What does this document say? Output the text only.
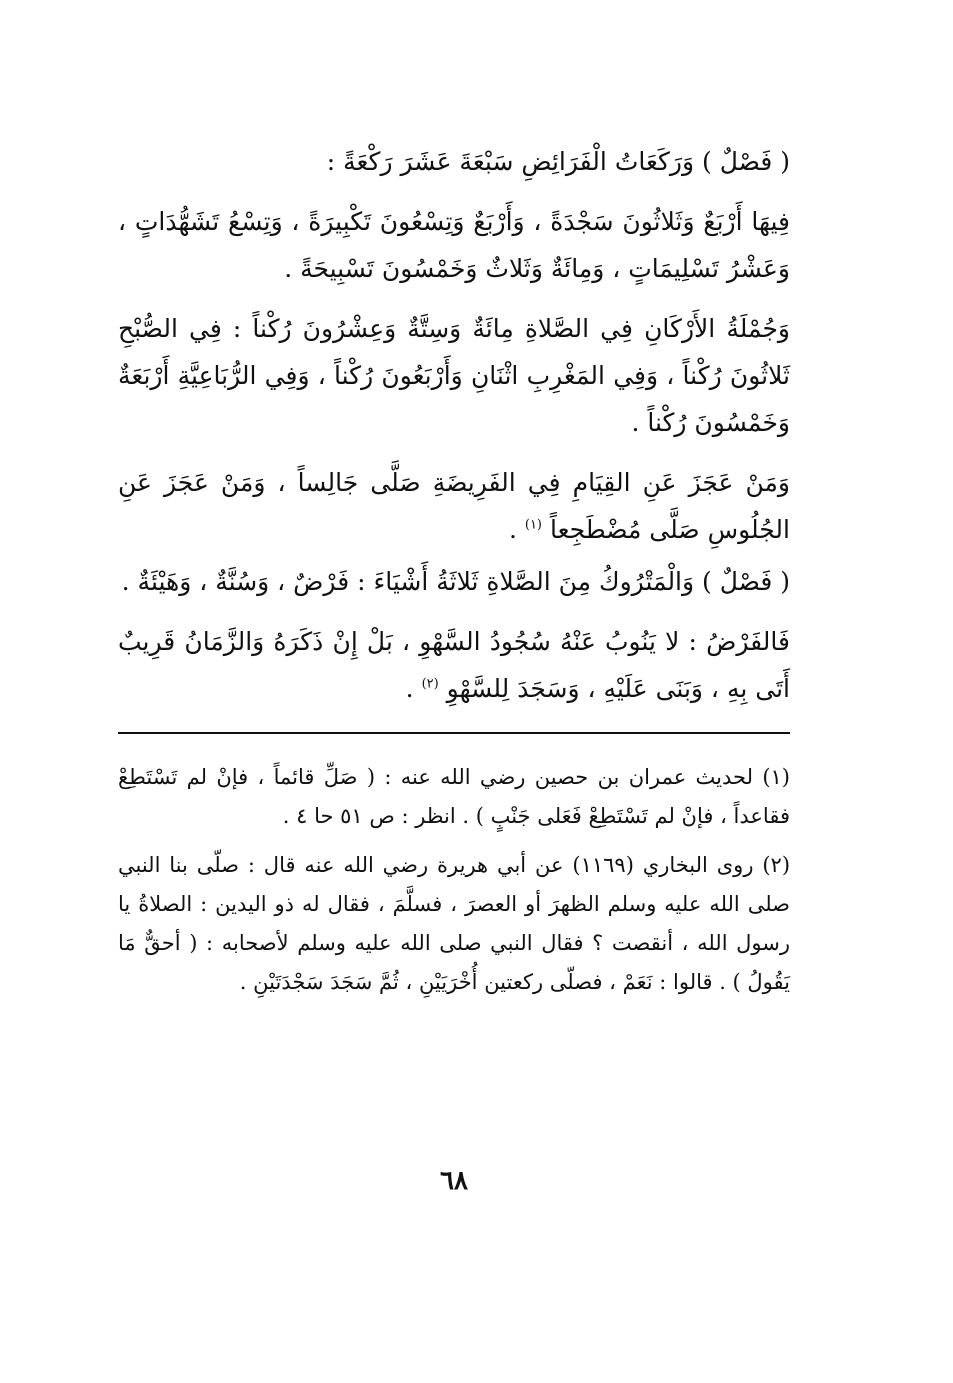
( فَصْلٌ ) وَرَكَعَاتُ الْفَرَائِضِ سَبْعَةَ عَشَرَ رَكْعَةً :

فِيهَا أَرْبَعٌ وَثَلاثُونَ سَجْدَةً ، وَأَرْبَعٌ وَتِسْعُونَ تَكْبِيرَةً ، وَتِسْعُ تَشَهُّدَاتٍ ، وَعَشْرُ تَسْلِيمَاتٍ ، وَمِائَةٌ وَثَلاثٌ وَخَمْسُونَ تَسْبِيحَةً .

وَجُمْلَةُ الأَرْكَانِ فِي الصَّلاةِ مِائَةٌ وَسِتَّةٌ وَعِشْرُونَ رُكْناً : فِي الصُّبْحِ ثَلاثُونَ رُكْناً ، وَفِي المَغْرِبِ اثْنَانِ وَأَرْبَعُونَ رُكْناً ، وَفِي الرُّبَاعِيَّةِ أَرْبَعَةٌ وَخَمْسُونَ رُكْناً .

وَمَنْ عَجَزَ عَنِ القِيَامِ فِي الفَرِيضَةِ صَلَّى جَالِساً ، وَمَنْ عَجَزَ عَنِ الجُلُوسِ صَلَّى مُضْطَجِعاً $^{(١)}$ .

( فَصْلٌ ) وَالْمَتْرُوكُ مِنَ الصَّلاةِ ثَلاثَةُ أَشْيَاءَ : فَرْضٌ ، وَسُنَّةٌ ، وَهَيْئَةٌ .

فَالفَرْضُ : لا يَنُوبُ عَنْهُ سُجُودُ السَّهْوِ ، بَلْ إِنْ ذَكَرَهُ وَالزَّمَانُ قَرِيبٌ أَتَى بِهِ ، وَبَنَى عَلَيْهِ ، وَسَجَدَ لِلسَّهْوِ $^{(٢)}$ .

(١) لحديث عمران بن حصين رضي الله عنه : ( صَلِّ قائماً ، فإنْ لم تَسْتَطِعْ فقاعداً ، فإنْ لم تَسْتَطِعْ فَعَلى جَنْبٍ ) . انظر : ص ٥١ حا ٤ .

(٢) روى البخاري (١١٦٩) عن أبي هريرة رضي الله عنه قال : صلّى بنا النبي صلى الله عليه وسلم الظهرَ أو العصرَ ، فسلَّمَ ، فقال له ذو اليدين : الصلاةُ يا رسول الله ، أنقصت ؟ فقال النبي صلى الله عليه وسلم لأصحابه : ( أحقٌّ مَا يَقُولُ ) . قالوا : نَعَمْ ، فصلّى ركعتين أُخْرَيَيْنِ ، ثُمَّ سَجَدَ سَجْدَتَيْنِ .

٦٨
